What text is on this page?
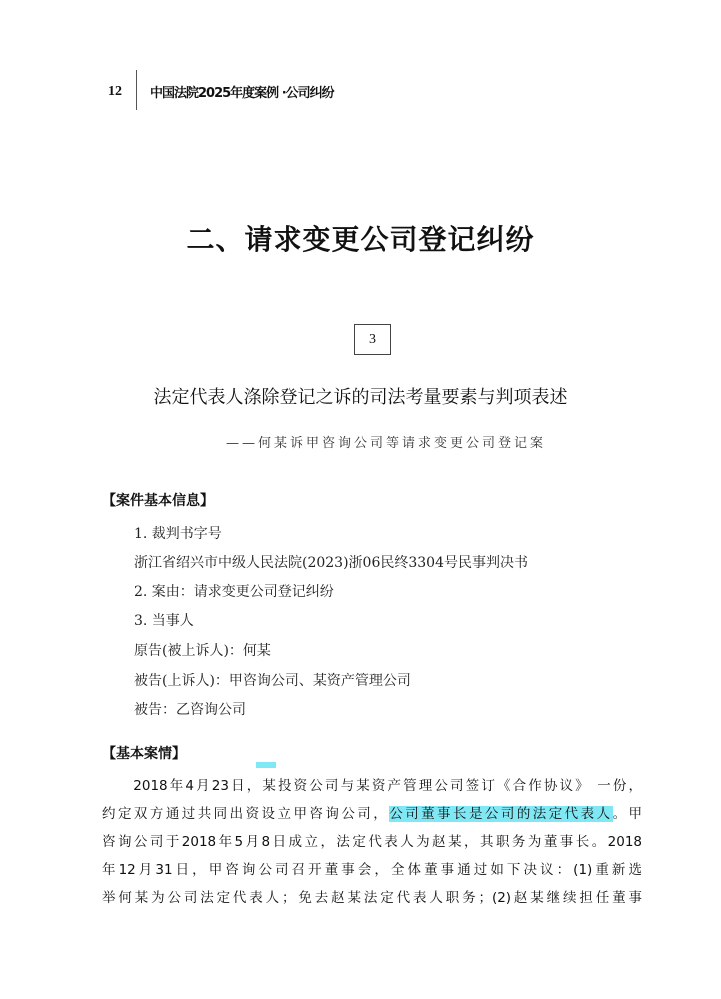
12 中国法院2025年度案例 ·公司纠纷
二、请求变更公司登记纠纷
3
法定代表人涤除登记之诉的司法考量要素与判项表述
——何某诉甲咨询公司等请求变更公司登记案
【案件基本信息】
1. 裁判书字号
浙江省绍兴市中级人民法院(2023)浙06民终3304号民事判决书
2. 案由：请求变更公司登记纠纷
3. 当事人
原告(被上诉人)：何某
被告(上诉人)：甲咨询公司、某资产管理公司
被告：乙咨询公司
【基本案情】
　　2018年4月23日，某投资公司与某资产管理公司签订《合作协议》 一份，
约定双方通过共同出资设立甲咨询公司，公司董事长是公司的法定代表人。甲
咨询公司于2018年5月8日成立，法定代表人为赵某，其职务为董事长。2018
年12月31日，甲咨询公司召开董事会，全体董事通过如下决议：(1)重新选
举何某为公司法定代表人；免去赵某法定代表人职务；(2)赵某继续担任董事
